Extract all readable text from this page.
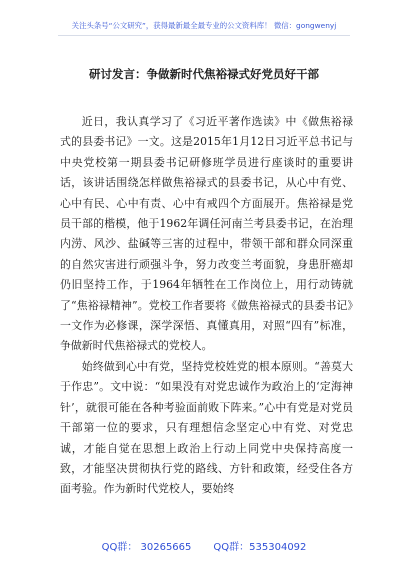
关注头条号“公文研究”，获得最新最全最专业的公文资料库！ 微信：gongwenyj
研讨发言：争做新时代焦裕禄式好党员好干部

近日，我认真学习了《习近平著作选读》中《做焦裕禄式的县委书记》一文。这是2015年1月12日习近平总书记与中央党校第一期县委书记研修班学员进行座谈时的重要讲话，该讲话围绕怎样做焦裕禄式的县委书记，从心中有党、心中有民、心中有责、心中有戒四个方面展开。焦裕禄是党员干部的楷模，他于1962年调任河南兰考县委书记，在治理内涝、风沙、盐碱等三害的过程中，带领干部和群众同深重的自然灾害进行顽强斗争，努力改变兰考面貌，身患肝癌却仍旧坚持工作，于1964年牺牲在工作岗位上，用行动铸就了“焦裕禄精神”。党校工作者要将《做焦裕禄式的县委书记》一文作为必修课，深学深悟、真懂真用，对照“四有”标准，争做新时代焦裕禄式的党校人。

始终做到心中有党，坚持党校姓党的根本原则。“善莫大于作忠”。文中说：“如果没有对党忠诚作为政治上的‘定海神针’，就很可能在各种考验面前败下阵来。”心中有党是对党员干部第一位的要求，只有理想信念坚定心中有党、对党忠诚，才能自觉在思想上政治上行动上同党中央保持高度一致，才能坚决贯彻执行党的路线、方针和政策，经受住各方面考验。作为新时代党校人，要始终

QQ群： 30265665 QQ群：535304092
